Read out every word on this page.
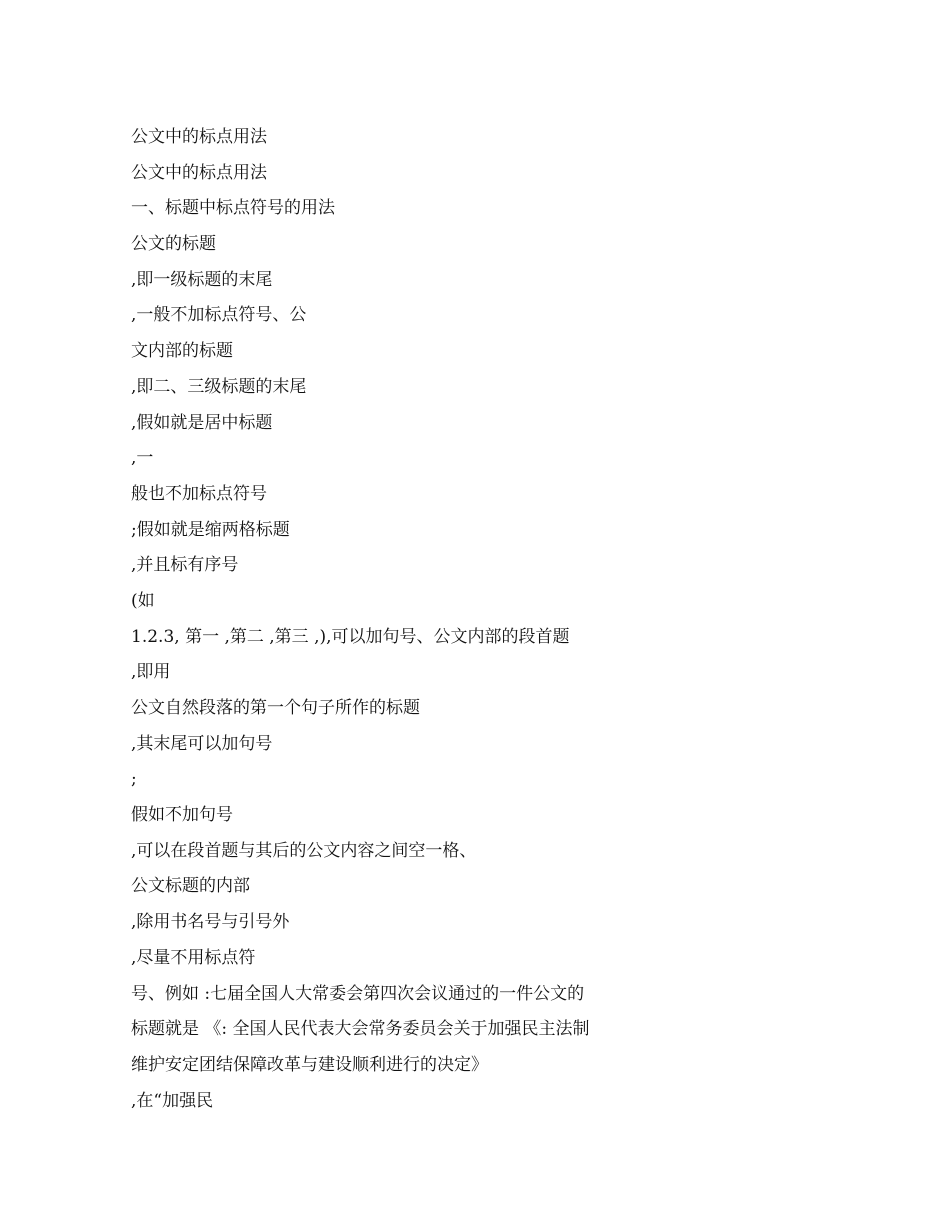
公文中的标点用法
公文中的标点用法
一、标题中标点符号的用法
公文的标题
,即一级标题的末尾
,一般不加标点符号、公
文内部的标题
,即二、三级标题的末尾
,假如就是居中标题
,一
般也不加标点符号
;假如就是缩两格标题
,并且标有序号
(如
1.2.3, 第一 ,第二 ,第三 ,),可以加句号、公文内部的段首题
,即用
公文自然段落的第一个句子所作的标题
,其末尾可以加句号
;
假如不加句号
,可以在段首题与其后的公文内容之间空一格、
公文标题的内部
,除用书名号与引号外
,尽量不用标点符
号、例如 :七届全国人大常委会第四次会议通过的一件公文的
标题就是 《: 全国人民代表大会常务委员会关于加强民主法制
维护安定团结保障改革与建设顺利进行的决定》
,在“加强民
